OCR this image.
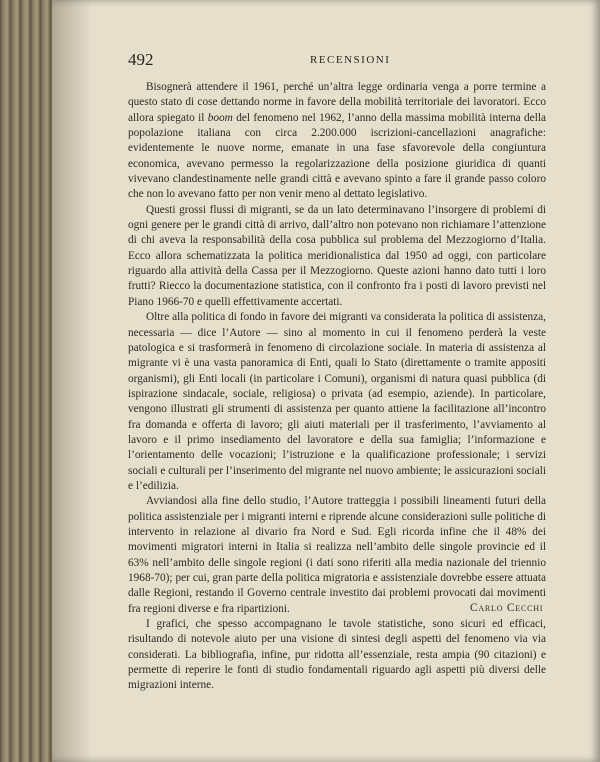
492	RECENSIONI

Bisognerà attendere il 1961, perché un’altra legge ordinaria venga a porre termine a questo stato di cose dettando norme in favore della mobilità territoriale dei lavoratori. Ecco allora spiegato il boom del fenomeno nel 1962, l’anno della massima mobilità interna della popolazione italiana con circa 2.200.000 iscrizioni-cancellazioni anagrafiche: evidentemente le nuove norme, emanate in una fase sfavorevole della congiuntura economica, avevano permesso la regolarizzazione della posizione giuridica di quanti vivevano clandestinamente nelle grandi città e avevano spinto a fare il grande passo coloro che non lo avevano fatto per non venir meno al dettato legislativo.

Questi grossi flussi di migranti, se da un lato determinavano l’insorgere di problemi di ogni genere per le grandi città di arrivo, dall’altro non potevano non richiamare l’attenzione di chi aveva la responsabilità della cosa pubblica sul problema del Mezzogiorno d’Italia. Ecco allora schematizzata la politica meridionalistica dal 1950 ad oggi, con particolare riguardo alla attività della Cassa per il Mezzogiorno. Queste azioni hanno dato tutti i loro frutti? Riecco la documentazione statistica, con il confronto fra i posti di lavoro previsti nel Piano 1966-70 e quelli effettivamente accertati.

Oltre alla politica di fondo in favore dei migranti va considerata la politica di assistenza, necessaria — dice l’Autore — sino al momento in cui il fenomeno perderà la veste patologica e si trasformerà in fenomeno di circolazione sociale. In materia di assistenza al migrante vi è una vasta panoramica di Enti, quali lo Stato (direttamente o tramite appositi organismi), gli Enti locali (in particolare i Comuni), organismi di natura quasi pubblica (di ispirazione sindacale, sociale, religiosa) o privata (ad esempio, aziende). In particolare, vengono illustrati gli strumenti di assistenza per quanto attiene la facilitazione all’incontro fra domanda e offerta di lavoro; gli aiuti materiali per il trasferimento, l’avviamento al lavoro e il primo insediamento del lavoratore e della sua famiglia; l’informazione e l’orientamento delle vocazioni; l’istruzione e la qualificazione professionale; i servizi sociali e culturali per l’inserimento del migrante nel nuovo ambiente; le assicurazioni sociali e l’edilizia.

Avviandosi alla fine dello studio, l’Autore tratteggia i possibili lineamenti futuri della politica assistenziale per i migranti interni e riprende alcune considerazioni sulle politiche di intervento in relazione al divario fra Nord e Sud. Egli ricorda infine che il 48% dei movimenti migratori interni in Italia si realizza nell’ambito delle singole provincie ed il 63% nell’ambito delle singole regioni (i dati sono riferiti alla media nazionale del triennio 1968-70); per cui, gran parte della politica migratoria e assistenziale dovrebbe essere attuata dalle Regioni, restando il Governo centrale investito dai problemi provocati dai movimenti fra regioni diverse e fra ripartizioni.

I grafici, che spesso accompagnano le tavole statistiche, sono sicuri ed efficaci, risultando di notevole aiuto per una visione di sintesi degli aspetti del fenomeno via via considerati. La bibliografia, infine, pur ridotta all’essenziale, resta ampia (90 citazioni) e permette di reperire le fonti di studio fondamentali riguardo agli aspetti più diversi delle migrazioni interne.

Carlo Cecchi
